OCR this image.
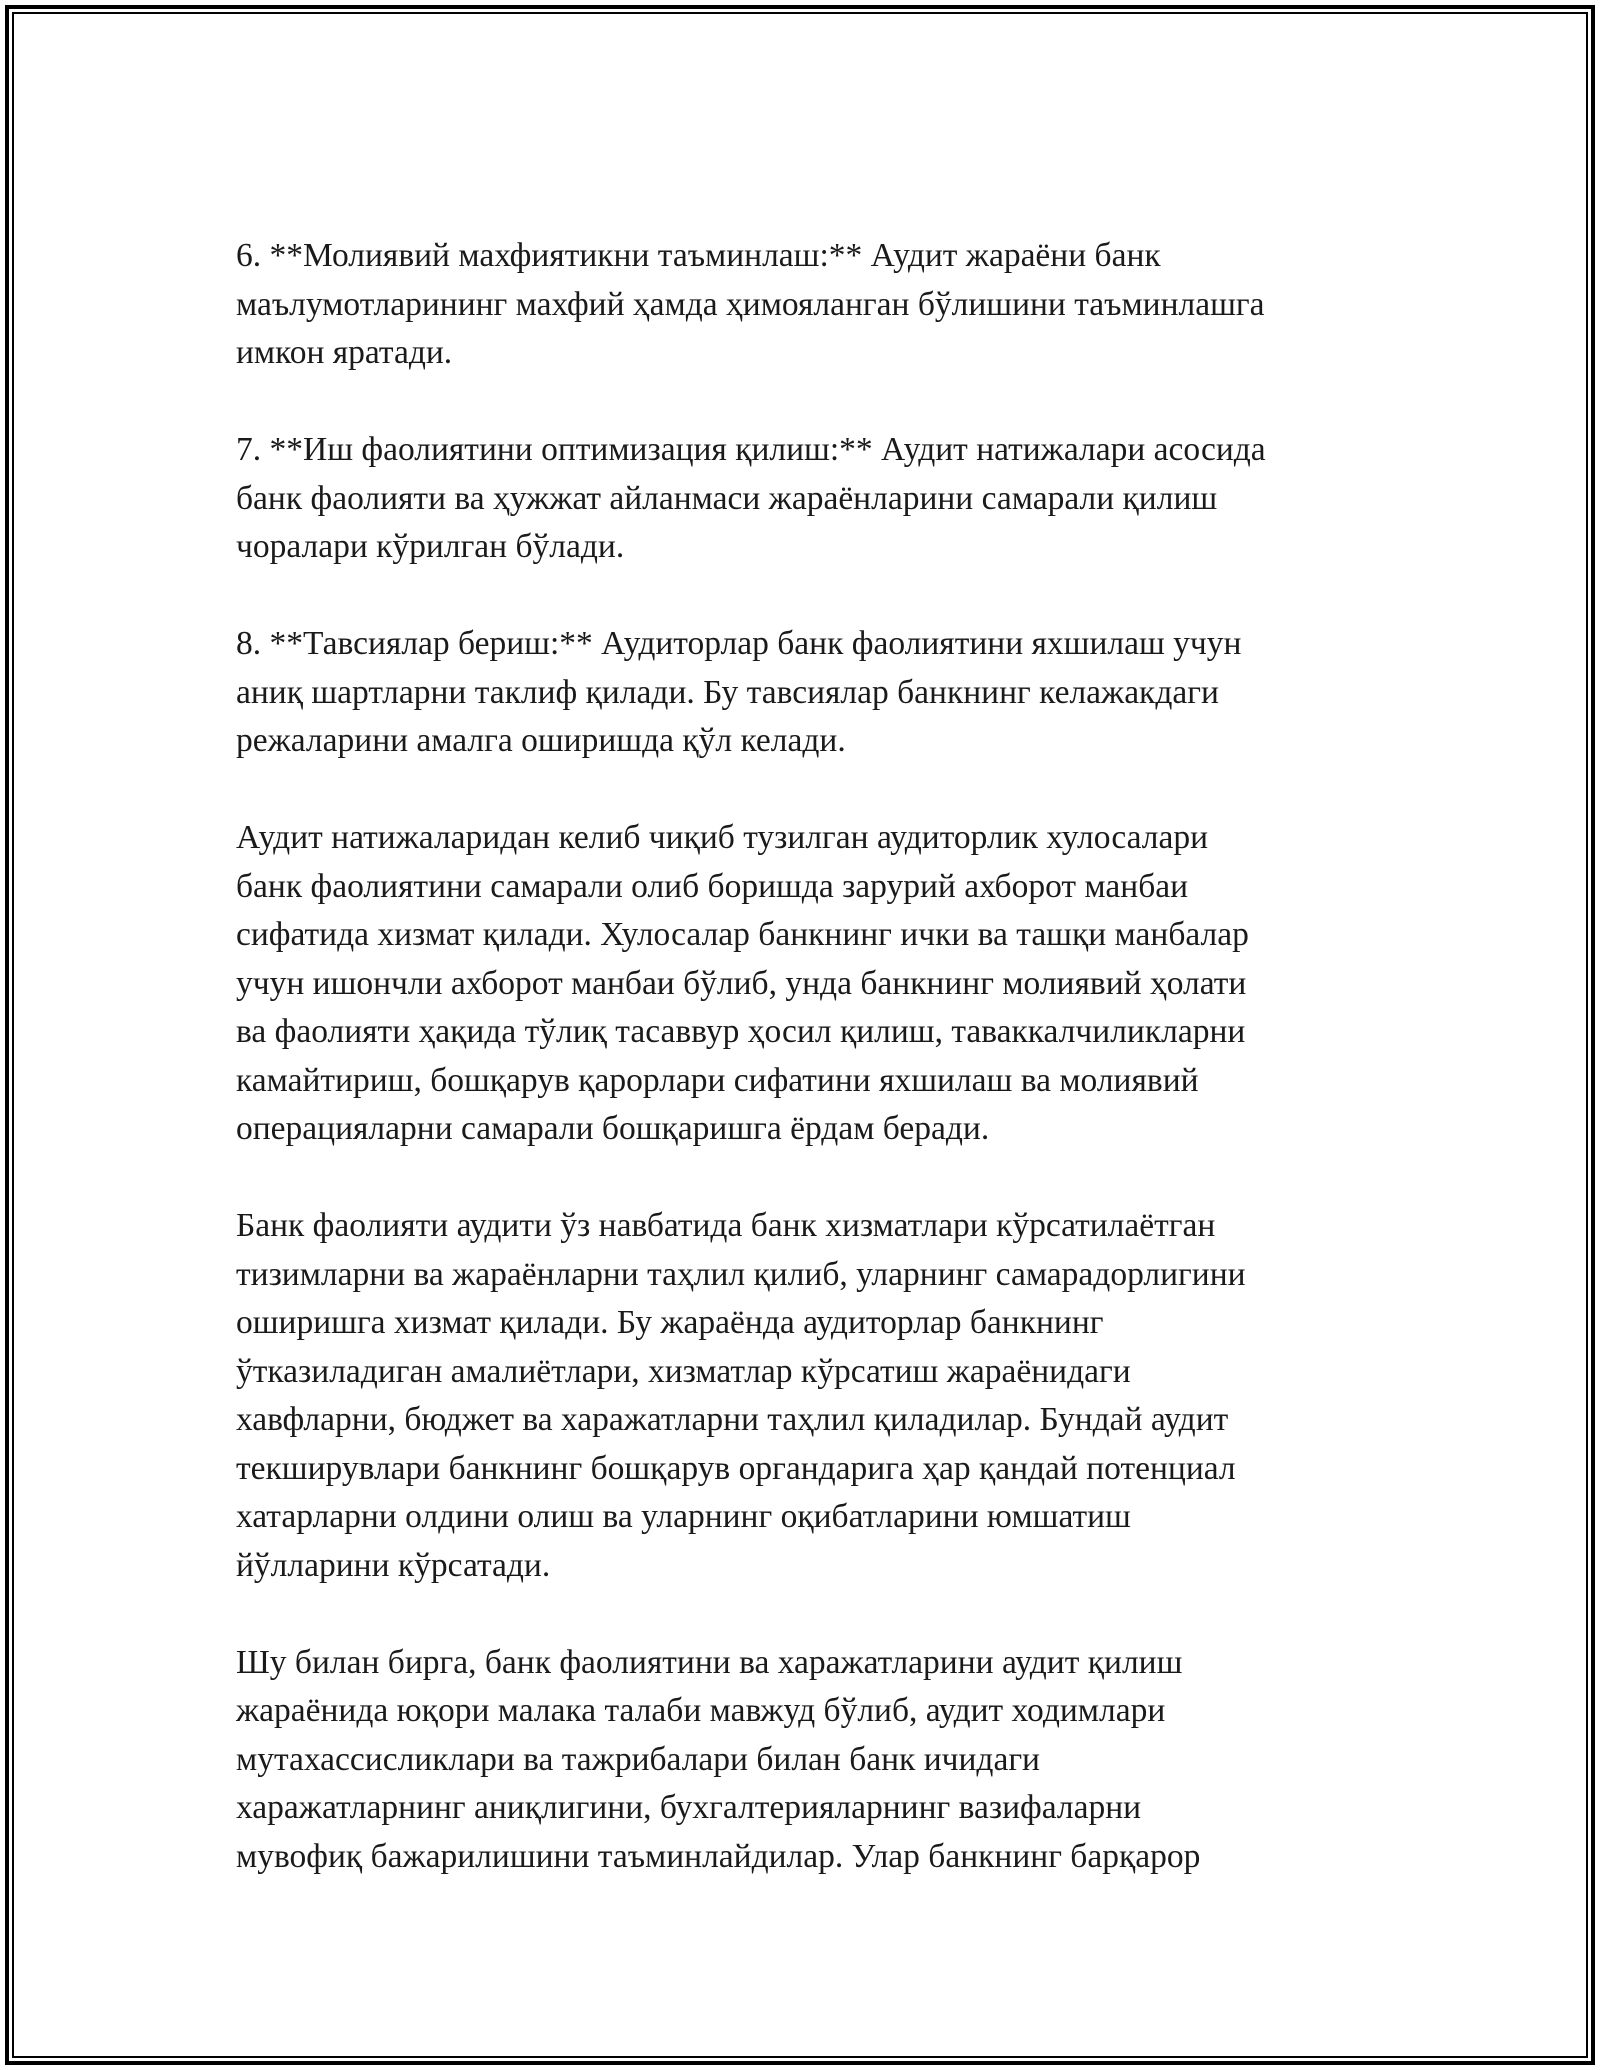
6. **Молиявий махфиятикни таъминлаш:** Аудит жараёни банк
маълумотларининг махфий ҳамда ҳимояланган бўлишини таъминлашга
имкон яратади.

7. **Иш фаолиятини оптимизация қилиш:** Аудит натижалари асосида
банк фаолияти ва ҳужжат айланмаси жараёнларини самарали қилиш
чоралари кўрилган бўлади.

8. **Тавсиялар бериш:** Аудиторлар банк фаолиятини яхшилаш учун
аниқ шартларни таклиф қилади. Бу тавсиялар банкнинг келажакдаги
режаларини амалга оширишда қўл келади.

Аудит натижаларидан келиб чиқиб тузилган аудиторлик хулосалари
банк фаолиятини самарали олиб боришда зарурий ахборот манбаи
сифатида хизмат қилади. Хулосалар банкнинг ички ва ташқи манбалар
учун ишончли ахборот манбаи бўлиб, унда банкнинг молиявий ҳолати
ва фаолияти ҳақида тўлиқ тасаввур ҳосил қилиш, таваккалчиликларни
камайтириш, бошқарув қарорлари сифатини яхшилаш ва молиявий
операцияларни самарали бошқаришга ёрдам беради.

Банк фаолияти аудити ўз навбатида банк хизматлари кўрсатилаётган
тизимларни ва жараёнларни таҳлил қилиб, уларнинг самарадорлигини
оширишга хизмат қилади. Бу жараёнда аудиторлар банкнинг
ўтказиладиган амалиётлари, хизматлар кўрсатиш жараёнидаги
хавфларни, бюджет ва харажатларни таҳлил қиладилар. Бундай аудит
текширувлари банкнинг бошқарув органдарига ҳар қандай потенциал
хатарларни олдини олиш ва уларнинг оқибатларини юмшатиш
йўлларини кўрсатади.

Шу билан бирга, банк фаолиятини ва харажатларини аудит қилиш
жараёнида юқори малака талаби мавжуд бўлиб, аудит ходимлари
мутахассисликлари ва тажрибалари билан банк ичидаги
харажатларнинг аниқлигини, бухгалтерияларнинг вазифаларни
мувофиқ бажарилишини таъминлайдилар. Улар банкнинг барқарор
